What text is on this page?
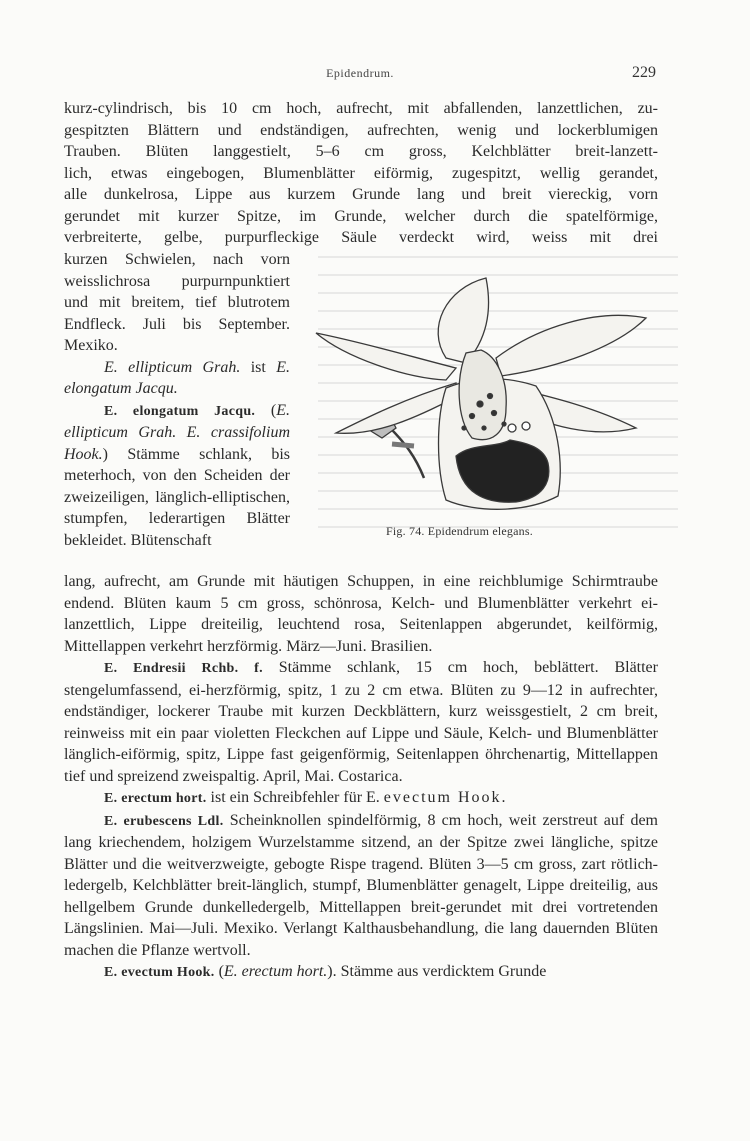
Epidendrum.	229
kurz-cylindrisch, bis 10 cm hoch, aufrecht, mit abfallenden, lanzettlichen, zu-
gespitzten Blättern und endständigen, aufrechten, wenig und lockerblumigen
Trauben. Blüten langgestielt, 5–6 cm gross, Kelchblätter breit-lanzett-
lich, etwas eingebogen, Blumenblätter eiförmig, zugespitzt, wellig gerandet,
alle dunkelrosa, Lippe aus kurzem Grunde lang und breit viereckig, vorn
gerundet mit kurzer Spitze, im Grunde, welcher durch die spatelförmige,
verbreiterte, gelbe, purpurfleckige Säule verdeckt wird, weiss mit drei

kurzen Schwielen, nach vorn weisslichrosa purpurnpunktiert und mit breitem, tief blutrotem Endfleck. Juli bis September. Mexiko.

E. ellipticum Grah. ist E. elongatum Jacqu.

E. elongatum Jacqu. (E. ellipticum Grah. E. crassifolium Hook.) Stämme schlank, bis meterhoch, von den Scheiden der zweizeiligen, länglich-elliptischen, stumpfen, lederartigen Blätter bekleidet. Blütenschaft

Fig. 74. Epidendrum elegans.

lang, aufrecht, am Grunde mit häutigen Schuppen, in eine reichblumige Schirmtraube endend. Blüten kaum 5 cm gross, schönrosa, Kelch- und Blumenblätter verkehrt ei-lanzettlich, Lippe dreiteilig, leuchtend rosa, Seitenlappen abgerundet, keilförmig, Mittellappen verkehrt herzförmig. März—Juni. Brasilien.

E. Endresii Rchb. f. Stämme schlank, 15 cm hoch, beblättert. Blätter stengelumfassend, ei-herzförmig, spitz, 1 zu 2 cm etwa. Blüten zu 9—12 in aufrechter, endständiger, lockerer Traube mit kurzen Deckblättern, kurz weissgestielt, 2 cm breit, reinweiss mit ein paar violetten Fleckchen auf Lippe und Säule, Kelch- und Blumenblätter länglich-eiförmig, spitz, Lippe fast geigenförmig, Seitenlappen öhrchenartig, Mittellappen tief und spreizend zweispaltig. April, Mai. Costarica.

E. erectum hort. ist ein Schreibfehler für E. evectum Hook.

E. erubescens Ldl. Scheinknollen spindelförmig, 8 cm hoch, weit zerstreut auf dem lang kriechendem, holzigem Wurzelstamme sitzend, an der Spitze zwei längliche, spitze Blätter und die weitverzweigte, gebogte Rispe tragend. Blüten 3—5 cm gross, zart rötlich-ledergelb, Kelchblätter breit-länglich, stumpf, Blumenblätter genagelt, Lippe dreiteilig, aus hellgelbem Grunde dunkelledergelb, Mittellappen breit-gerundet mit drei vortretenden Längslinien. Mai—Juli. Mexiko. Verlangt Kalthausbehandlung, die lang dauernden Blüten machen die Pflanze wertvoll.

E. evectum Hook. (E. erectum hort.). Stämme aus verdicktem Grunde
